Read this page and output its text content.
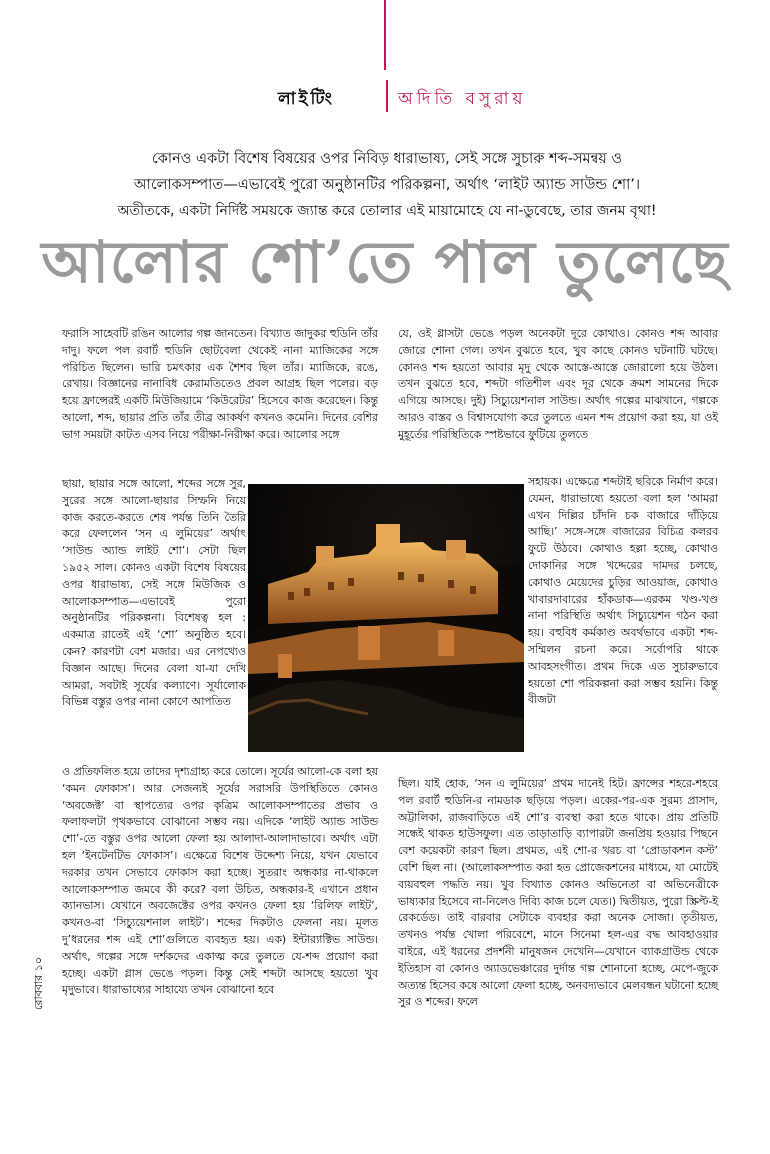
লাইটিং	অদিতি বসুরায়
কোনও একটা বিশেষ বিষয়ের ওপর নিবিড় ধারাভাষ্য, সেই সঙ্গে সুচারু শব্দ-সমন্বয় ও
আলোকসম্পাত—এভাবেই পুরো অনুষ্ঠানটির পরিকল্পনা, অর্থাৎ ‘লাইট অ্যান্ড সাউন্ড শো’।
অতীতকে, একটা নির্দিষ্ট সময়কে জ্যান্ত করে তোলার এই মায়ামোহে যে না-ডুবেছে, তার জনম বৃথা!
আলোর শো’তে পাল তুলেছে

ফরাসি সাহেবটি রঙিন আলোর গল্প জানতেন। বিখ্যাত জাদুকর হুডিনি তাঁর দাদু। ফলে পল রবার্ট হুডিনি ছোটবেলা থেকেই নানা ম্যাজিকের সঙ্গে পরিচিত ছিলেন। ভারি চমৎকার এক শৈশব ছিল তাঁর। ম্যাজিকে, রঙে, রেখায়। বিজ্ঞানের নানাবিধ কেরামতিতেও প্রবল আগ্রহ ছিল পলের। বড় হয়ে ফ্রান্সেরই একটি মিউজিয়ামে ‘কিউরেটর’ হিসেবে কাজ করেছেন। কিন্তু আলো, শব্দ, ছায়ার প্রতি তাঁর তীব্র আকর্ষণ কখনও কমেনি। দিনের বেশির ভাগ সময়টা কাটত এসব নিয়ে পরীক্ষা-নিরীক্ষা করে। আলোর সঙ্গে

ছায়া, ছায়ার সঙ্গে আলো, শব্দের সঙ্গে সুর, সুরের সঙ্গে আলো-ছায়ার সিম্ফনি নিয়ে কাজ করতে-করতে শেষ পর্যন্ত তিনি তৈরি করে ফেললেন ‘সন এ লুমিয়ের’ অর্থাৎ ‘সাউন্ড অ্যান্ড লাইট শো’। সেটা ছিল ১৯৫২ সাল। কোনও একটা বিশেষ বিষয়ের ওপর ধারাভাষ্য, সেই সঙ্গে মিউজিক ও আলোকসম্পাত—এভাবেই পুরো অনুষ্ঠানটির পরিকল্পনা। বিশেষত্ব হল : একমাত্র রাতেই এই ‘শো’ অনুষ্ঠিত হবে। কেন? কারণটা বেশ মজার। এর নেপথ্যেও বিজ্ঞান আছে। দিনের বেলা যা-যা দেখি আমরা, সবটাই সূর্যের কল্যাণে। সূর্যালোক বিভিন্ন বস্তুর ওপর নানা কোণে আপতিত

ও প্রতিফলিত হয়ে তাদের দৃশ্যগ্রাহ্য করে তোলে। সূর্যের আলো-কে বলা হয় ‘কমন ফোকাস’। আর সেজন্যই সূর্যের সরাসরি উপস্থিতিতে কোনও ‘অবজেক্ট’ বা স্থাপত্যের ওপর কৃত্রিম আলোকসম্পাতের প্রভাব ও ফলাফলটা পৃথকভাবে বোঝানো সম্ভব নয়। এদিকে ‘লাইট অ্যান্ড সাউন্ড শো’-তে বস্তুর ওপর আলো ফেলা হয় আলাদা-আলাদাভাবে। অর্থাৎ এটা হল ‘ইনটেনটিভ ফোকাস’। এক্ষেত্রে বিশেষ উদ্দেশ্য নিয়ে, যখন যেভাবে দরকার তখন সেভাবে ফোকাস করা হচ্ছে। সুতরাং অন্ধকার না-থাকলে আলোকসম্পাত জমবে কী করে? বলা উচিত, অন্ধকার-ই এখানে প্রধান ক্যানভাস। যেখানে অবজেক্টের ওপর কখনও ফেলা হয় ‘রিলিফ লাইট’, কখনও-বা ‘সিচ্যুয়েশনাল লাইট’। শব্দের দিকটাও ফেলনা নয়। মূলত দু’ধরনের শব্দ এই শো’গুলিতে ব্যবহৃত হয়। এক) ইন্টার‌্যাক্টিভ সাউন্ড। অর্থাৎ, গল্পের সঙ্গে দর্শকদের একাত্ম করে তুলতে যে-শব্দ প্রয়োগ করা হচ্ছে। একটা গ্লাস ভেঙে পড়ল। কিন্তু সেই শব্দটা আসছে হয়তো খুব মৃদুভাবে। ধারাভাষ্যের সাহায্যে তখন বোঝানো হবে

যে, ওই গ্লাসটা ভেঙে পড়ল অনেকটা দূরে কোথাও। কোনও শব্দ আবার জোরে শোনা গেল। তখন বুঝতে হবে, খুব কাছে কোনও ঘটনাটি ঘটছে। কোনও শব্দ হয়তো আবার মৃদু থেকে আস্তে-আস্তে জোরালো হয়ে উঠল। তখন বুঝতে হবে, শব্দটা গতিশীল এবং দূর থেকে ক্রমশ সামনের দিকে এগিয়ে আসছে। দুই) সিচ্যুয়েশনাল সাউন্ড। অর্থাৎ গল্পের মাঝখানে, গল্পকে আরও বাস্তব ও বিশ্বাসযোগ্য করে তুলতে এমন শব্দ প্রয়োগ করা হয়, যা ওই মুহূর্তের পরিস্থিতিকে স্পষ্টভাবে ফুটিয়ে তুলতে

সহায়ক। এক্ষেত্রে শব্দটাই ছবিকে নির্মাণ করে। যেমন, ধারাভাষ্যে হয়তো বলা হল ‘আমরা এখন দিল্লির চাঁদনি চক বাজারে দাঁড়িয়ে আছি।’ সঙ্গে-সঙ্গে বাজারের বিচিত্র কলরব ফুটে উঠবে। কোথাও হল্লা হচ্ছে, কোথাও দোকানির সঙ্গে খদ্দেরের দামদর চলছে, কোথাও মেয়েদের চুড়ির আওয়াজ, কোথাও খাবারদাবারের হাঁকডাক—এরকম খণ্ড-খণ্ড নানা পরিস্থিতি অর্থাৎ সিচ্যুয়েশন গঠন করা হয়। বহুবিধ কর্মকাণ্ড অবর্থভাবে একটা শব্দ-সম্মিলন রচনা করে। সর্বোপরি থাকে আবহসংগীত। প্রথম দিকে এত সুচারুভাবে হয়তো শো পরিকল্পনা করা সম্ভব হয়নি। কিন্তু বীজটা

ছিল। যাই হোক, ‘সন এ লুমিয়ের’ প্রথম দানেই হিট। ফ্রান্সের শহরে-শহরে পল রবার্ট হুডিনি-র নামডাক ছড়িয়ে পড়ল। একের-পর-এক সুরম্য প্রাসাদ, অট্টালিকা, রাজবাড়িতে এই শো’র ব্যবস্থা করা হতে থাকে। প্রায় প্রতিটি সন্ধেই থাকত হাউসফুল। এত তাড়াতাড়ি ব্যাপারটা জনপ্রিয় হওয়ার পিছনে বেশ কয়েকটা কারণ ছিল। প্রথমত, এই শো-র খরচ বা ‘প্রোডাকশন কস্ট’ বেশি ছিল না। (আলোকসম্পাত করা হত প্রোজেকশনের মাধ্যমে, যা মোটেই ব্যয়বহুল পদ্ধতি নয়। খুব বিখ্যাত কোনও অভিনেতা বা অভিনেত্রীকে ভাষ্যকার হিসেবে না-নিলেও দিব্যি কাজ চলে যেত।) দ্বিতীয়ত, পুরো স্ক্রিপ্ট-ই রেকর্ডেড। তাই বারবার সেটাকে ব্যবহার করা অনেক সোজা। তৃতীয়ত, তখনও পর্যন্ত খোলা পরিবেশে, মানে সিনেমা হল-এর বদ্ধ আবহাওয়ার বাইরে, এই ধরনের প্রদর্শনী মানুষজন দেখেনি—যেখানে ব্যাকগ্রাউন্ড থেকে ইতিহাস বা কোনও অ্যাডভেঞ্চারের দুর্দান্ত গল্প শোনানো হচ্ছে, মেপে-জুকে অত্যন্ত হিসেব কষে আলো ফেলা হচ্ছে, অনবদ্যভাবে মেলবন্ধন ঘটানো হচ্ছে সুর ও শব্দের। ফলে

রোববার ১০
